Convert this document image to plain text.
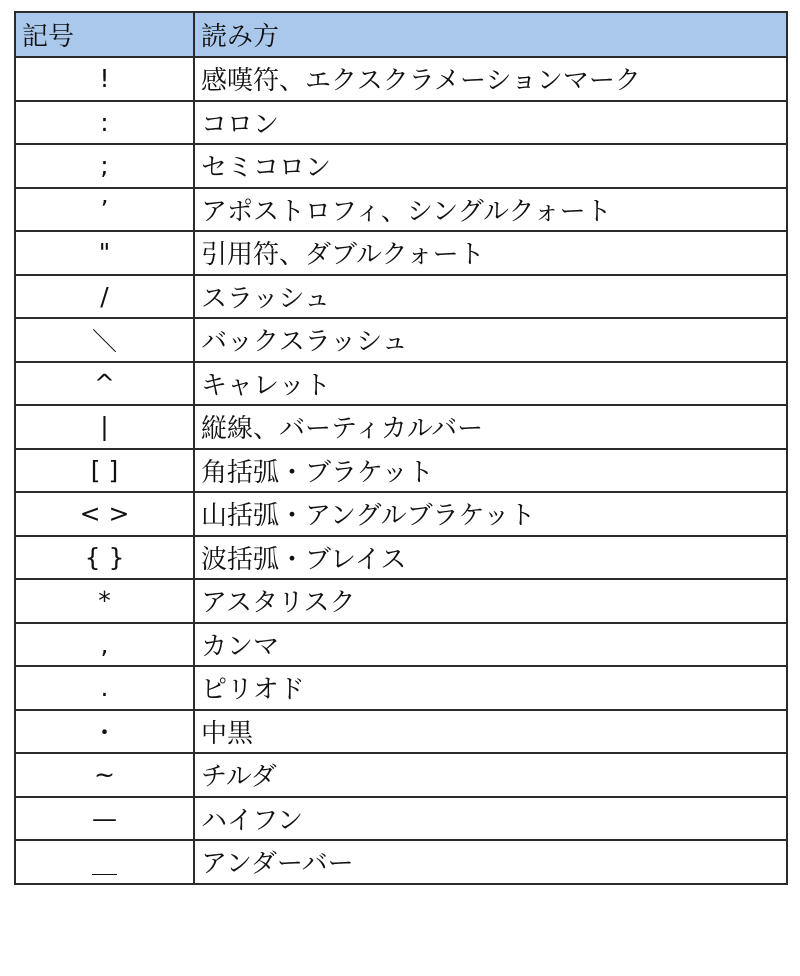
記号	読み方
!	感嘆符、エクスクラメーションマーク
:	コロン
;	セミコロン
’	アポストロフィ、シングルクォート
"	引用符、ダブルクォート
/	スラッシュ
＼	バックスラッシュ
^	キャレット
|	縦線、バーティカルバー
[ ]	角括弧・ブラケット
< >	山括弧・アングルブラケット
{ }	波括弧・ブレイス
*	アスタリスク
,	カンマ
.	ピリオド
・	中黒
~	チルダ
—	ハイフン
＿	アンダーバー
